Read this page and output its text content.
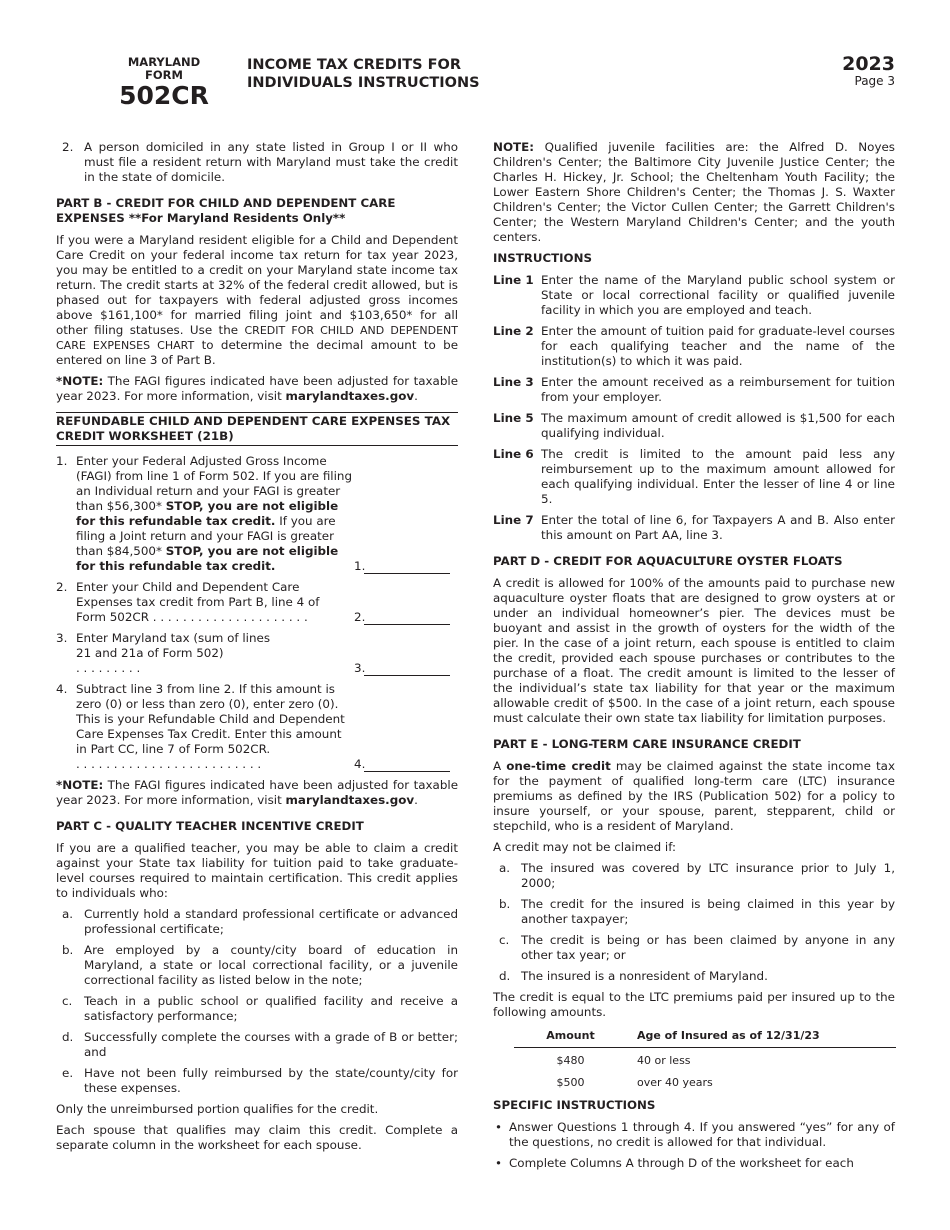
MARYLAND
FORM
502CR
INCOME TAX CREDITS FOR
INDIVIDUALS INSTRUCTIONS
2023
Page 3
2. A person domiciled in any state listed in Group I or II who must file a resident return with Maryland must take the credit in the state of domicile.
PART B - CREDIT FOR CHILD AND DEPENDENT CARE EXPENSES **For Maryland Residents Only**

If you were a Maryland resident eligible for a Child and Dependent Care Credit on your federal income tax return for tax year 2023, you may be entitled to a credit on your Maryland state income tax return. The credit starts at 32% of the federal credit allowed, but is phased out for taxpayers with federal adjusted gross incomes above $161,100* for married filing joint and $103,650* for all other filing statuses. Use the CREDIT FOR CHILD AND DEPENDENT CARE EXPENSES CHART to determine the decimal amount to be entered on line 3 of Part B.

*NOTE: The FAGI figures indicated have been adjusted for taxable year 2023. For more information, visit marylandtaxes.gov.

REFUNDABLE CHILD AND DEPENDENT CARE EXPENSES TAX CREDIT WORKSHEET (21B)
1. Enter your Federal Adjusted Gross Income (FAGI) from line 1 of Form 502. If you are filing an Individual return and your FAGI is greater than $56,300* STOP, you are not eligible for this refundable tax credit. If you are filing a Joint return and your FAGI is greater than $84,500* STOP, you are not eligible for this refundable tax credit.	1.
2. Enter your Child and Dependent Care Expenses tax credit from Part B, line 4 of Form 502CR . . . . . . . . . . . . . . . . . . . . .	2.
3. Enter Maryland tax (sum of lines 21 and 21a of Form 502) . . . . . . . . .	3.
4. Subtract line 3 from line 2. If this amount is zero (0) or less than zero (0), enter zero (0). This is your Refundable Child and Dependent Care Expenses Tax Credit. Enter this amount in Part CC, line 7 of Form 502CR. . . . . . . . . . . . . . . . . . . . . . . . . .	4.

*NOTE: The FAGI figures indicated have been adjusted for taxable year 2023. For more information, visit marylandtaxes.gov.

PART C - QUALITY TEACHER INCENTIVE CREDIT

If you are a qualified teacher, you may be able to claim a credit against your State tax liability for tuition paid to take graduate-level courses required to maintain certification. This credit applies to individuals who:

a. Currently hold a standard professional certificate or advanced professional certificate;
b. Are employed by a county/city board of education in Maryland, a state or local correctional facility, or a juvenile correctional facility as listed below in the note;
c. Teach in a public school or qualified facility and receive a satisfactory performance;
d. Successfully complete the courses with a grade of B or better; and
e. Have not been fully reimbursed by the state/county/city for these expenses.

Only the unreimbursed portion qualifies for the credit.

Each spouse that qualifies may claim this credit. Complete a separate column in the worksheet for each spouse.

NOTE: Qualified juvenile facilities are: the Alfred D. Noyes Children's Center; the Baltimore City Juvenile Justice Center; the Charles H. Hickey, Jr. School; the Cheltenham Youth Facility; the Lower Eastern Shore Children's Center; the Thomas J. S. Waxter Children's Center; the Victor Cullen Center; the Garrett Children's Center; the Western Maryland Children's Center; and the youth centers.

INSTRUCTIONS
Line 1 Enter the name of the Maryland public school system or State or local correctional facility or qualified juvenile facility in which you are employed and teach.
Line 2 Enter the amount of tuition paid for graduate-level courses for each qualifying teacher and the name of the institution(s) to which it was paid.
Line 3 Enter the amount received as a reimbursement for tuition from your employer.
Line 5 The maximum amount of credit allowed is $1,500 for each qualifying individual.
Line 6 The credit is limited to the amount paid less any reimbursement up to the maximum amount allowed for each qualifying individual. Enter the lesser of line 4 or line 5.
Line 7 Enter the total of line 6, for Taxpayers A and B. Also enter this amount on Part AA, line 3.
PART D - CREDIT FOR AQUACULTURE OYSTER FLOATS

A credit is allowed for 100% of the amounts paid to purchase new aquaculture oyster floats that are designed to grow oysters at or under an individual homeowner’s pier. The devices must be buoyant and assist in the growth of oysters for the width of the pier. In the case of a joint return, each spouse is entitled to claim the credit, provided each spouse purchases or contributes to the purchase of a float. The credit amount is limited to the lesser of the individual’s state tax liability for that year or the maximum allowable credit of $500. In the case of a joint return, each spouse must calculate their own state tax liability for limitation purposes.

PART E - LONG-TERM CARE INSURANCE CREDIT

A one-time credit may be claimed against the state income tax for the payment of qualified long-term care (LTC) insurance premiums as defined by the IRS (Publication 502) for a policy to insure yourself, or your spouse, parent, stepparent, child or stepchild, who is a resident of Maryland.

A credit may not be claimed if:

a. The insured was covered by LTC insurance prior to July 1, 2000;
b. The credit for the insured is being claimed in this year by another taxpayer;
c. The credit is being or has been claimed by anyone in any other tax year; or
d. The insured is a nonresident of Maryland.

The credit is equal to the LTC premiums paid per insured up to the following amounts.

Amount		Age of Insured as of 12/31/23
$480		40 or less
$500		over 40 years
SPECIFIC INSTRUCTIONS
• Answer Questions 1 through 4. If you answered “yes” for any of the questions, no credit is allowed for that individual.
• Complete Columns A through D of the worksheet for each
